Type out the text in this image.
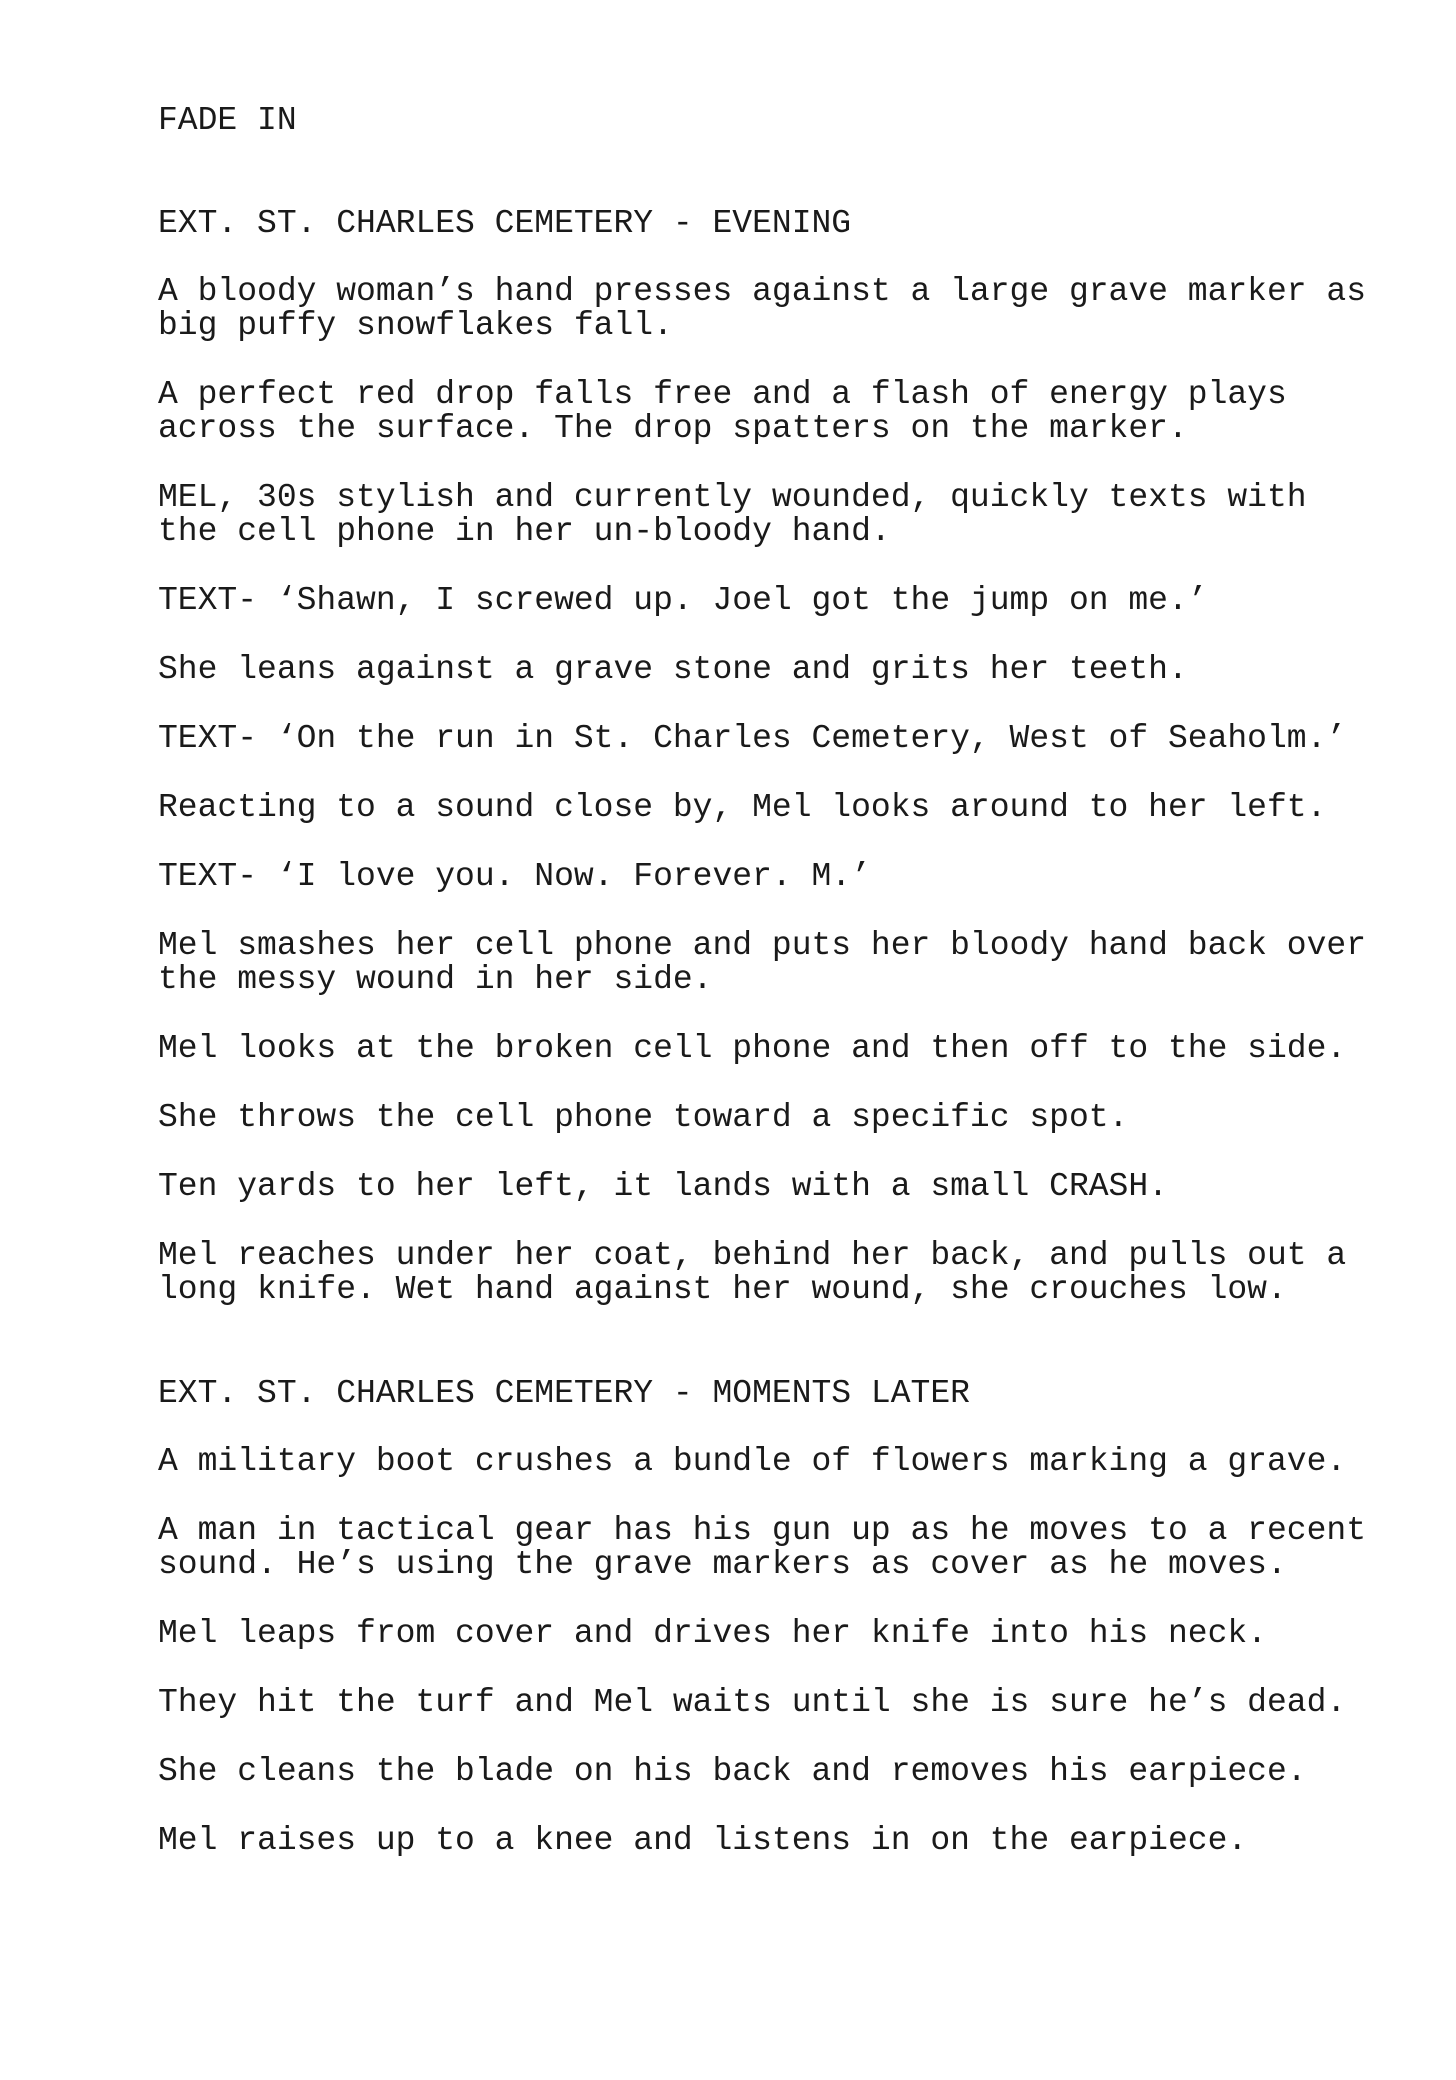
FADE IN
EXT. ST. CHARLES CEMETERY - EVENING
A bloody woman’s hand presses against a large grave marker as
big puffy snowflakes fall.
A perfect red drop falls free and a flash of energy plays
across the surface. The drop spatters on the marker.
MEL, 30s stylish and currently wounded, quickly texts with
the cell phone in her un-bloody hand.
TEXT- ‘Shawn, I screwed up. Joel got the jump on me.’
She leans against a grave stone and grits her teeth.
TEXT- ‘On the run in St. Charles Cemetery, West of Seaholm.’
Reacting to a sound close by, Mel looks around to her left.
TEXT- ‘I love you. Now. Forever. M.’
Mel smashes her cell phone and puts her bloody hand back over
the messy wound in her side.
Mel looks at the broken cell phone and then off to the side.
She throws the cell phone toward a specific spot.
Ten yards to her left, it lands with a small CRASH.
Mel reaches under her coat, behind her back, and pulls out a
long knife. Wet hand against her wound, she crouches low.
EXT. ST. CHARLES CEMETERY - MOMENTS LATER
A military boot crushes a bundle of flowers marking a grave.
A man in tactical gear has his gun up as he moves to a recent
sound. He’s using the grave markers as cover as he moves.
Mel leaps from cover and drives her knife into his neck.
They hit the turf and Mel waits until she is sure he’s dead.
She cleans the blade on his back and removes his earpiece.
Mel raises up to a knee and listens in on the earpiece.
